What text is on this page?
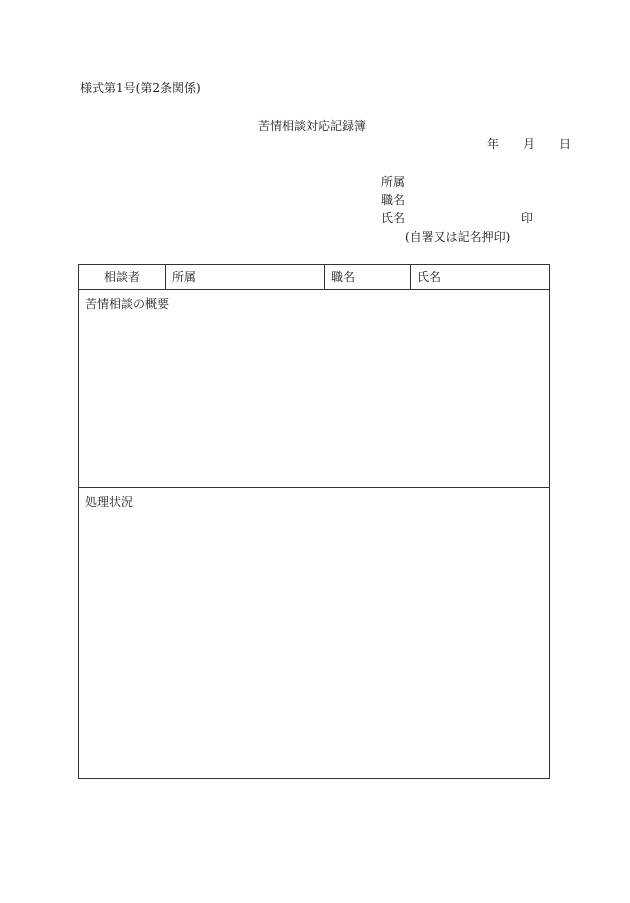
様式第1号(第2条関係)
苦情相談対応記録簿
年 月 日
所属
職名
氏名	印
(自署又は記名押印)
相談者	所属	職名	氏名
苦情相談の概要
処理状況
